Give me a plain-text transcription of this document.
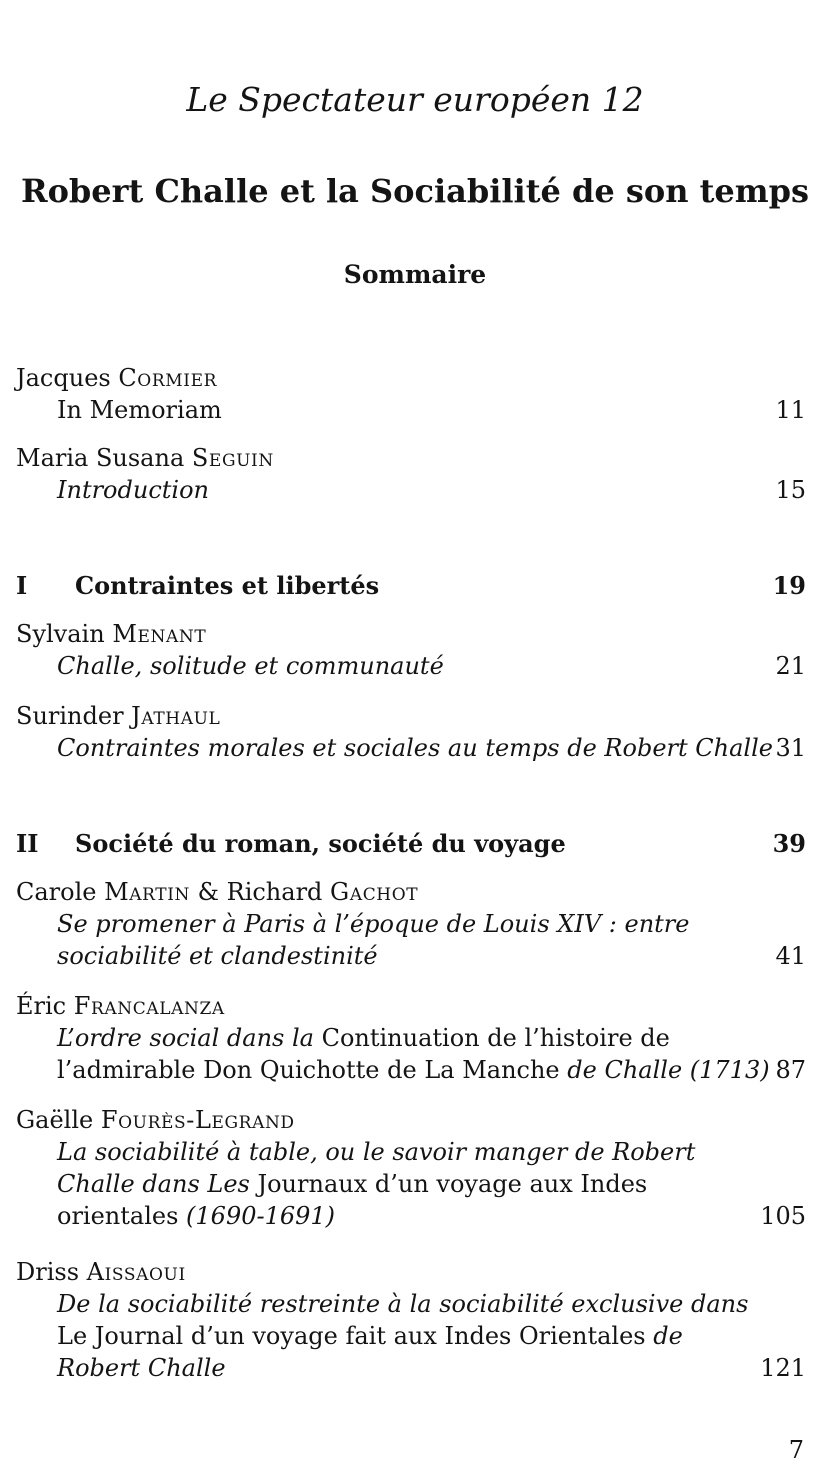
Le Spectateur européen 12
Robert Challe et la Sociabilité de son temps
Sommaire
Jacques Cormier
In Memoriam	11
Maria Susana Seguin
Introduction	15
I Contraintes et libertés	19
Sylvain Menant
Challe, solitude et communauté	21
Surinder Jathaul
Contraintes morales et sociales au temps de Robert Challe 31
II Société du roman, société du voyage	39
Carole Martin & Richard Gachot
Se promener à Paris à l’époque de Louis XIV : entre
sociabilité et clandestinité	41
Éric Francalanza
L’ordre social dans la Continuation de l’histoire de
l’admirable Don Quichotte de La Manche de Challe (1713) 87
Gaëlle Fourès-Legrand
La sociabilité à table, ou le savoir manger de Robert
Challe dans Les Journaux d’un voyage aux Indes
orientales (1690-1691)	105
Driss Aissaoui
De la sociabilité restreinte à la sociabilité exclusive dans
Le Journal d’un voyage fait aux Indes Orientales de
Robert Challe	121
7
